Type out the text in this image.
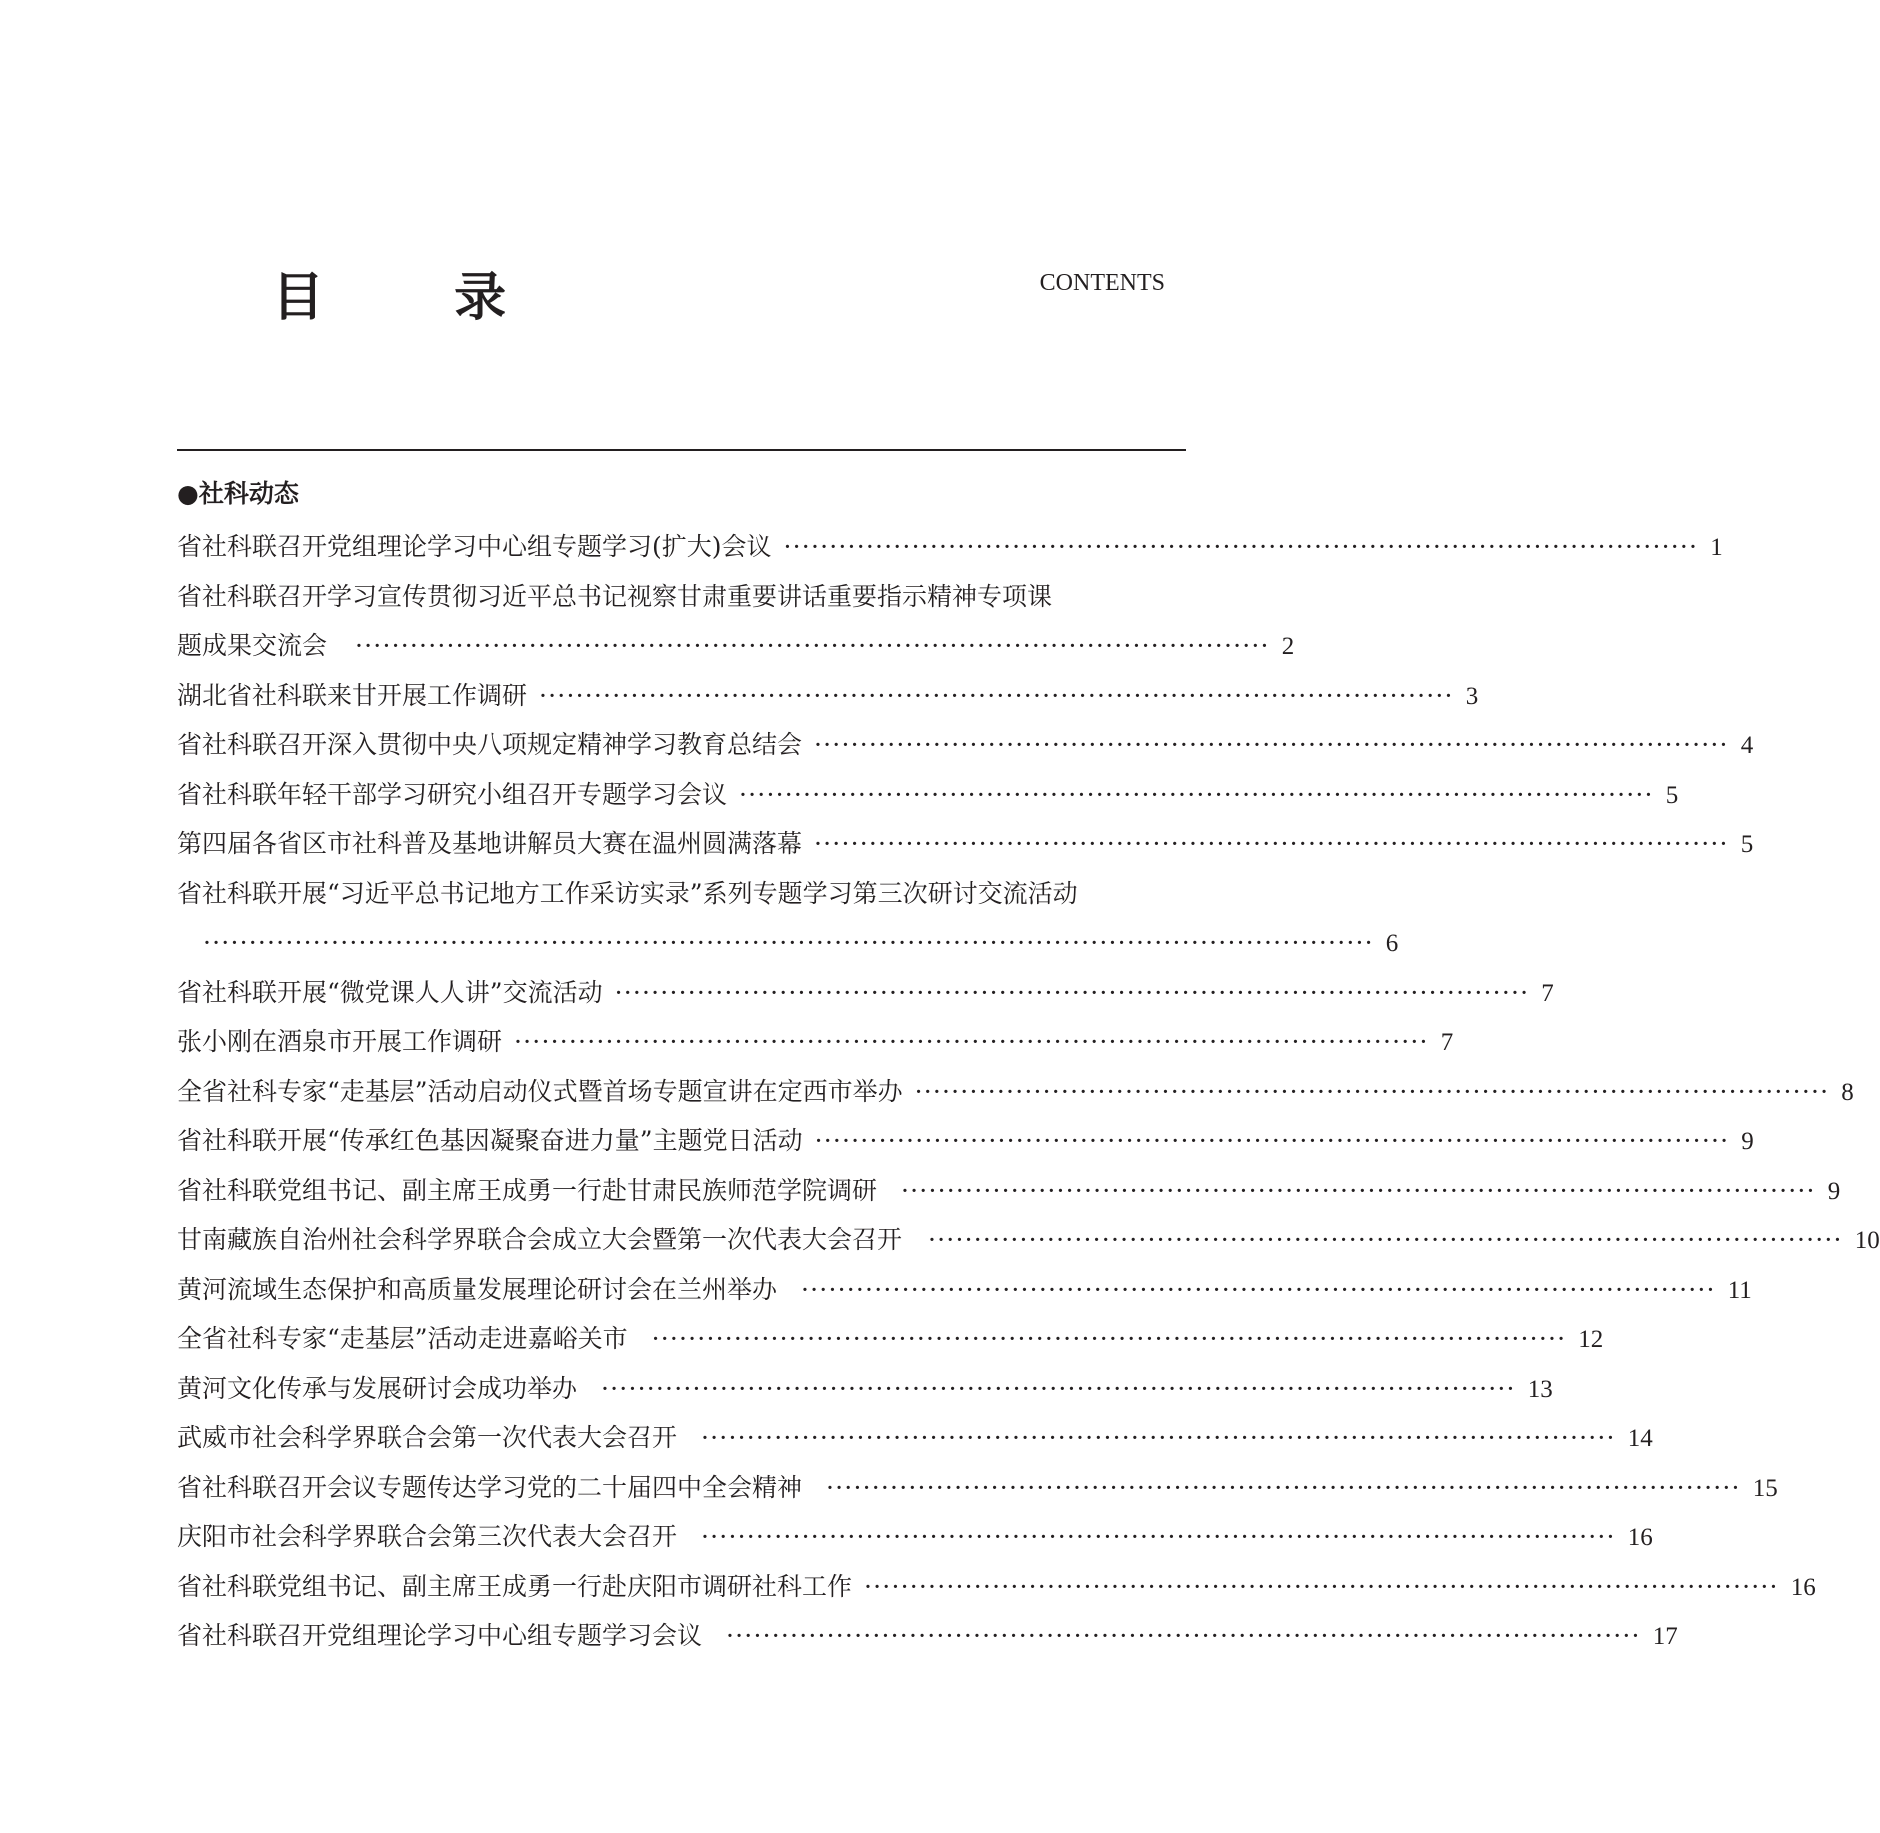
目 录	CONTENTS
●社科动态
省社科联召开党组理论学习中心组专题学习(扩大)会议 ···································································································· 1
省社科联召开学习宣传贯彻习近平总书记视察甘肃重要讲话重要指示精神专项课
题成果交流会 ···································································································· 2
湖北省社科联来甘开展工作调研 ···································································································· 3
省社科联召开深入贯彻中央八项规定精神学习教育总结会 ···································································································· 4
省社科联年轻干部学习研究小组召开专题学习会议 ···································································································· 5
第四届各省区市社科普及基地讲解员大赛在温州圆满落幕 ···································································································· 5
省社科联开展“习近平总书记地方工作采访实录”系列专题学习第三次研讨交流活动
································································································································ 6
省社科联开展“微党课人人讲”交流活动 ···································································································· 7
张小刚在酒泉市开展工作调研 ···································································································· 7
全省社科专家“走基层”活动启动仪式暨首场专题宣讲在定西市举办 ···································································································· 8
省社科联开展“传承红色基因凝聚奋进力量”主题党日活动 ···································································································· 9
省社科联党组书记、副主席王成勇一行赴甘肃民族师范学院调研 ···································································································· 9
甘南藏族自治州社会科学界联合会成立大会暨第一次代表大会召开 ···································································································· 10
黄河流域生态保护和高质量发展理论研讨会在兰州举办 ···································································································· 11
全省社科专家“走基层”活动走进嘉峪关市 ···································································································· 12
黄河文化传承与发展研讨会成功举办 ···································································································· 13
武威市社会科学界联合会第一次代表大会召开 ···································································································· 14
省社科联召开会议专题传达学习党的二十届四中全会精神 ···································································································· 15
庆阳市社会科学界联合会第三次代表大会召开 ···································································································· 16
省社科联党组书记、副主席王成勇一行赴庆阳市调研社科工作 ···································································································· 16
省社科联召开党组理论学习中心组专题学习会议 ···································································································· 17
